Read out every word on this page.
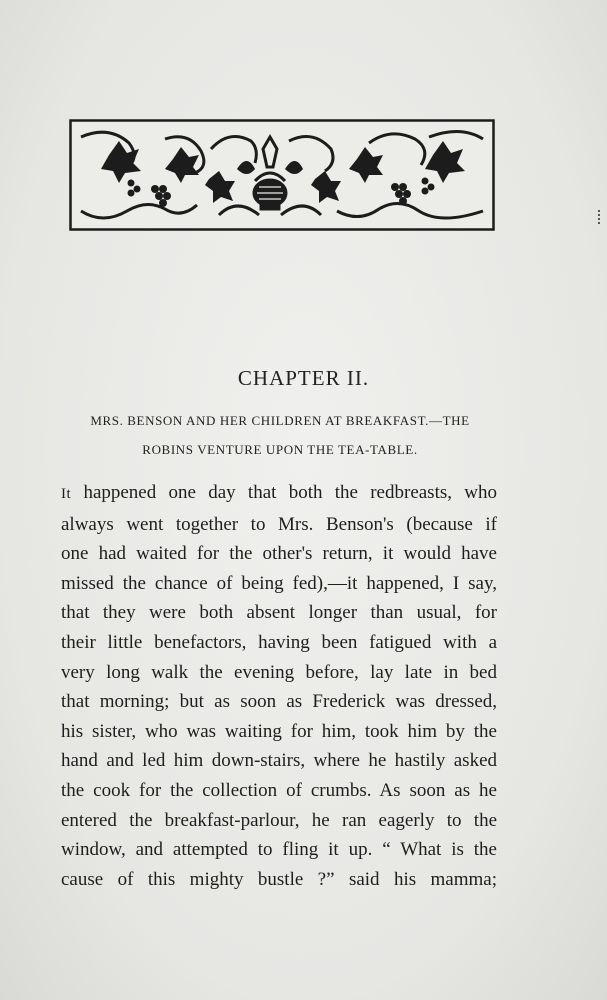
CHAPTER II.
MRS. BENSON AND HER CHILDREN AT BREAKFAST.—THE
ROBINS VENTURE UPON THE TEA-TABLE.
It happened one day that both the redbreasts, who
always went together to Mrs. Benson's (because if
one had waited for the other's return, it would have
missed the chance of being fed),—it happened, I say,
that they were both absent longer than usual, for
their little benefactors, having been fatigued with a
very long walk the evening before, lay late in bed
that morning; but as soon as Frederick was dressed,
his sister, who was waiting for him, took him by the
hand and led him down-stairs, where he hastily asked
the cook for the collection of crumbs. As soon as he
entered the breakfast-parlour, he ran eagerly to the
window, and attempted to fling it up. “ What is the
cause of this mighty bustle ?” said his mamma;
